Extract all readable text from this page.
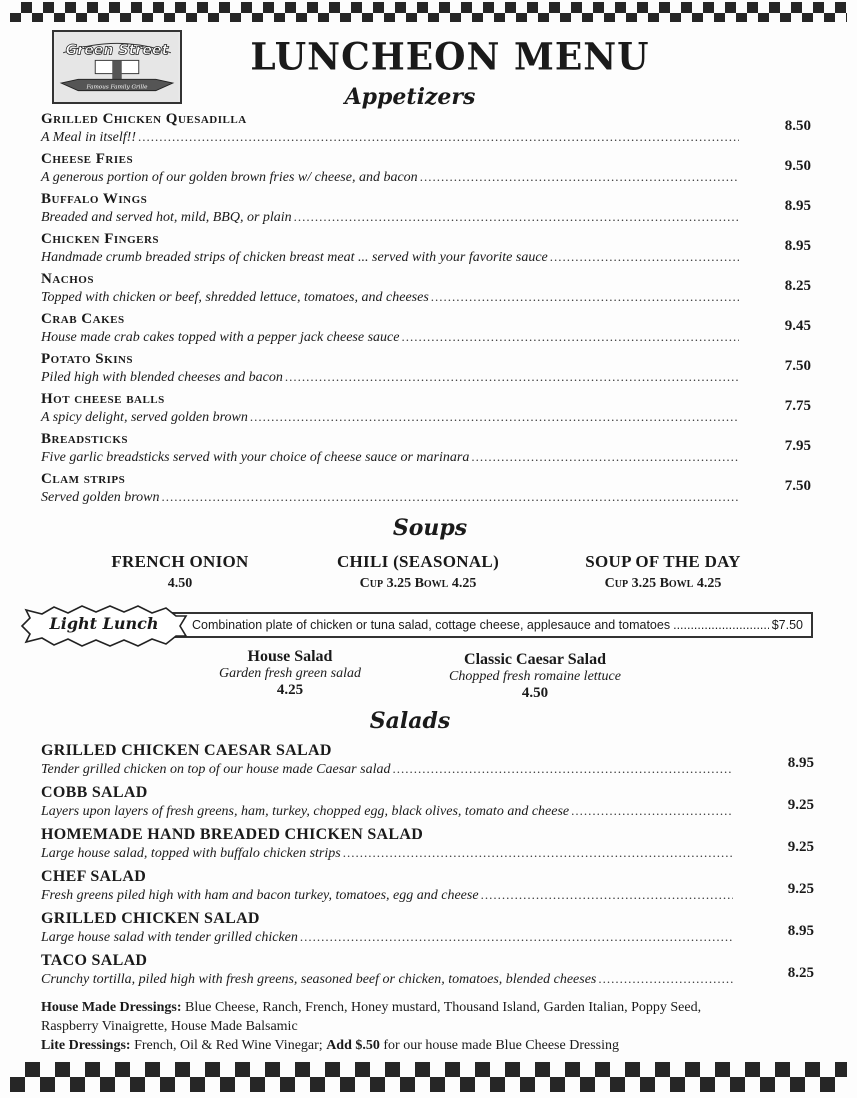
Green Street
Famous Family Grille
LUNCHEON MENU
Appetizers
Grilled Chicken Quesadilla
A Meal in itself!!
.....
8.50
Cheese Fries
A generous portion of our golden brown fries w/ cheese, and bacon
.....
9.50
Buffalo Wings
Breaded and served hot, mild, BBQ, or plain
.....
8.95
Chicken Fingers
Handmade crumb breaded strips of chicken breast meat ... served with your favorite sauce
.....
8.95
Nachos
Topped with chicken or beef, shredded lettuce, tomatoes, and cheeses
.....
8.25
Crab Cakes
House made crab cakes topped with a pepper jack cheese sauce
.....
9.45
Potato Skins
Piled high with blended cheeses and bacon
.....
7.50
Hot cheese balls
A spicy delight, served golden brown
.....
7.75
Breadsticks
Five garlic breadsticks served with your choice of cheese sauce or marinara
.....
7.95
Clam strips
Served golden brown
.....
7.50
Soups
FRENCH ONION
4.50
CHILI (SEASONAL)
Cup 3.25 Bowl 4.25
SOUP OF THE DAY
Cup 3.25 Bowl 4.25
Combination plate of chicken or tuna salad, cottage cheese, applesauce and tomatoes .....	$7.50
Light Lunch
House Salad
Garden fresh green salad
4.25
Classic Caesar Salad
Chopped fresh romaine lettuce
4.50
Salads
GRILLED CHICKEN CAESAR SALAD
Tender grilled chicken on top of our house made Caesar salad .....	8.95
COBB SALAD
Layers upon layers of fresh greens, ham, turkey, chopped egg, black olives, tomato and cheese .....	9.25
HOMEMADE HAND BREADED CHICKEN SALAD
Large house salad, topped with buffalo chicken strips .....	9.25
CHEF SALAD
Fresh greens piled high with ham and bacon turkey, tomatoes, egg and cheese .....	9.25
GRILLED CHICKEN SALAD
Large house salad with tender grilled chicken .....	8.95
TACO SALAD
Crunchy tortilla, piled high with fresh greens, seasoned beef or chicken, tomatoes, blended cheeses .....	8.25
House Made Dressings: Blue Cheese, Ranch, French, Honey mustard, Thousand Island, Garden Italian, Poppy Seed, Raspberry Vinaigrette, House Made Balsamic
Lite Dressings: French, Oil & Red Wine Vinegar; Add $.50 for our house made Blue Cheese Dressing
